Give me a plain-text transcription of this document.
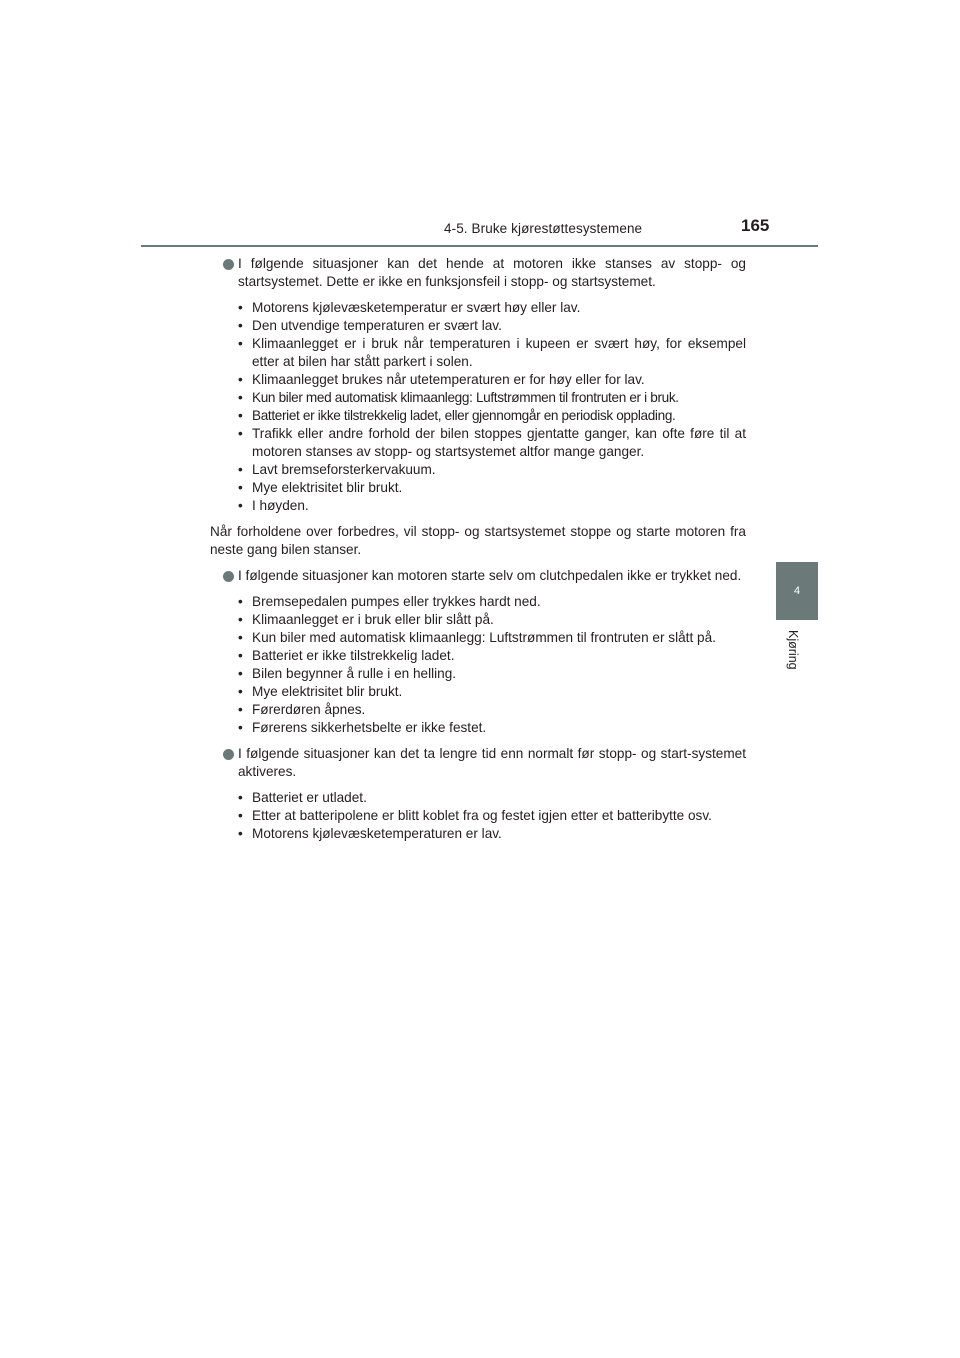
4-5. Bruke kjørestøttesystemene	165
4
Kjøring
I følgende situasjoner kan det hende at motoren ikke stanses av stopp- og startsystemet. Dette er ikke en funksjonsfeil i stopp- og startsystemet.
• Motorens kjølevæsketemperatur er svært høy eller lav.
• Den utvendige temperaturen er svært lav.
• Klimaanlegget er i bruk når temperaturen i kupeen er svært høy, for eksempel etter at bilen har stått parkert i solen.
• Klimaanlegget brukes når utetemperaturen er for høy eller for lav.
• Kun biler med automatisk klimaanlegg: Luftstrømmen til frontruten er i bruk.
• Batteriet er ikke tilstrekkelig ladet, eller gjennomgår en periodisk opplading.
• Trafikk eller andre forhold der bilen stoppes gjentatte ganger, kan ofte føre til at motoren stanses av stopp- og startsystemet altfor mange ganger.
• Lavt bremseforsterkervakuum.
• Mye elektrisitet blir brukt.
• I høyden.
Når forholdene over forbedres, vil stopp- og startsystemet stoppe og starte motoren fra neste gang bilen stanser.
I følgende situasjoner kan motoren starte selv om clutchpedalen ikke er trykket ned.
• Bremsepedalen pumpes eller trykkes hardt ned.
• Klimaanlegget er i bruk eller blir slått på.
• Kun biler med automatisk klimaanlegg: Luftstrømmen til frontruten er slått på.
• Batteriet er ikke tilstrekkelig ladet.
• Bilen begynner å rulle i en helling.
• Mye elektrisitet blir brukt.
• Førerdøren åpnes.
• Førerens sikkerhetsbelte er ikke festet.
I følgende situasjoner kan det ta lengre tid enn normalt før stopp- og start-systemet aktiveres.
• Batteriet er utladet.
• Etter at batteripolene er blitt koblet fra og festet igjen etter et batteribytte osv.
• Motorens kjølevæsketemperaturen er lav.
